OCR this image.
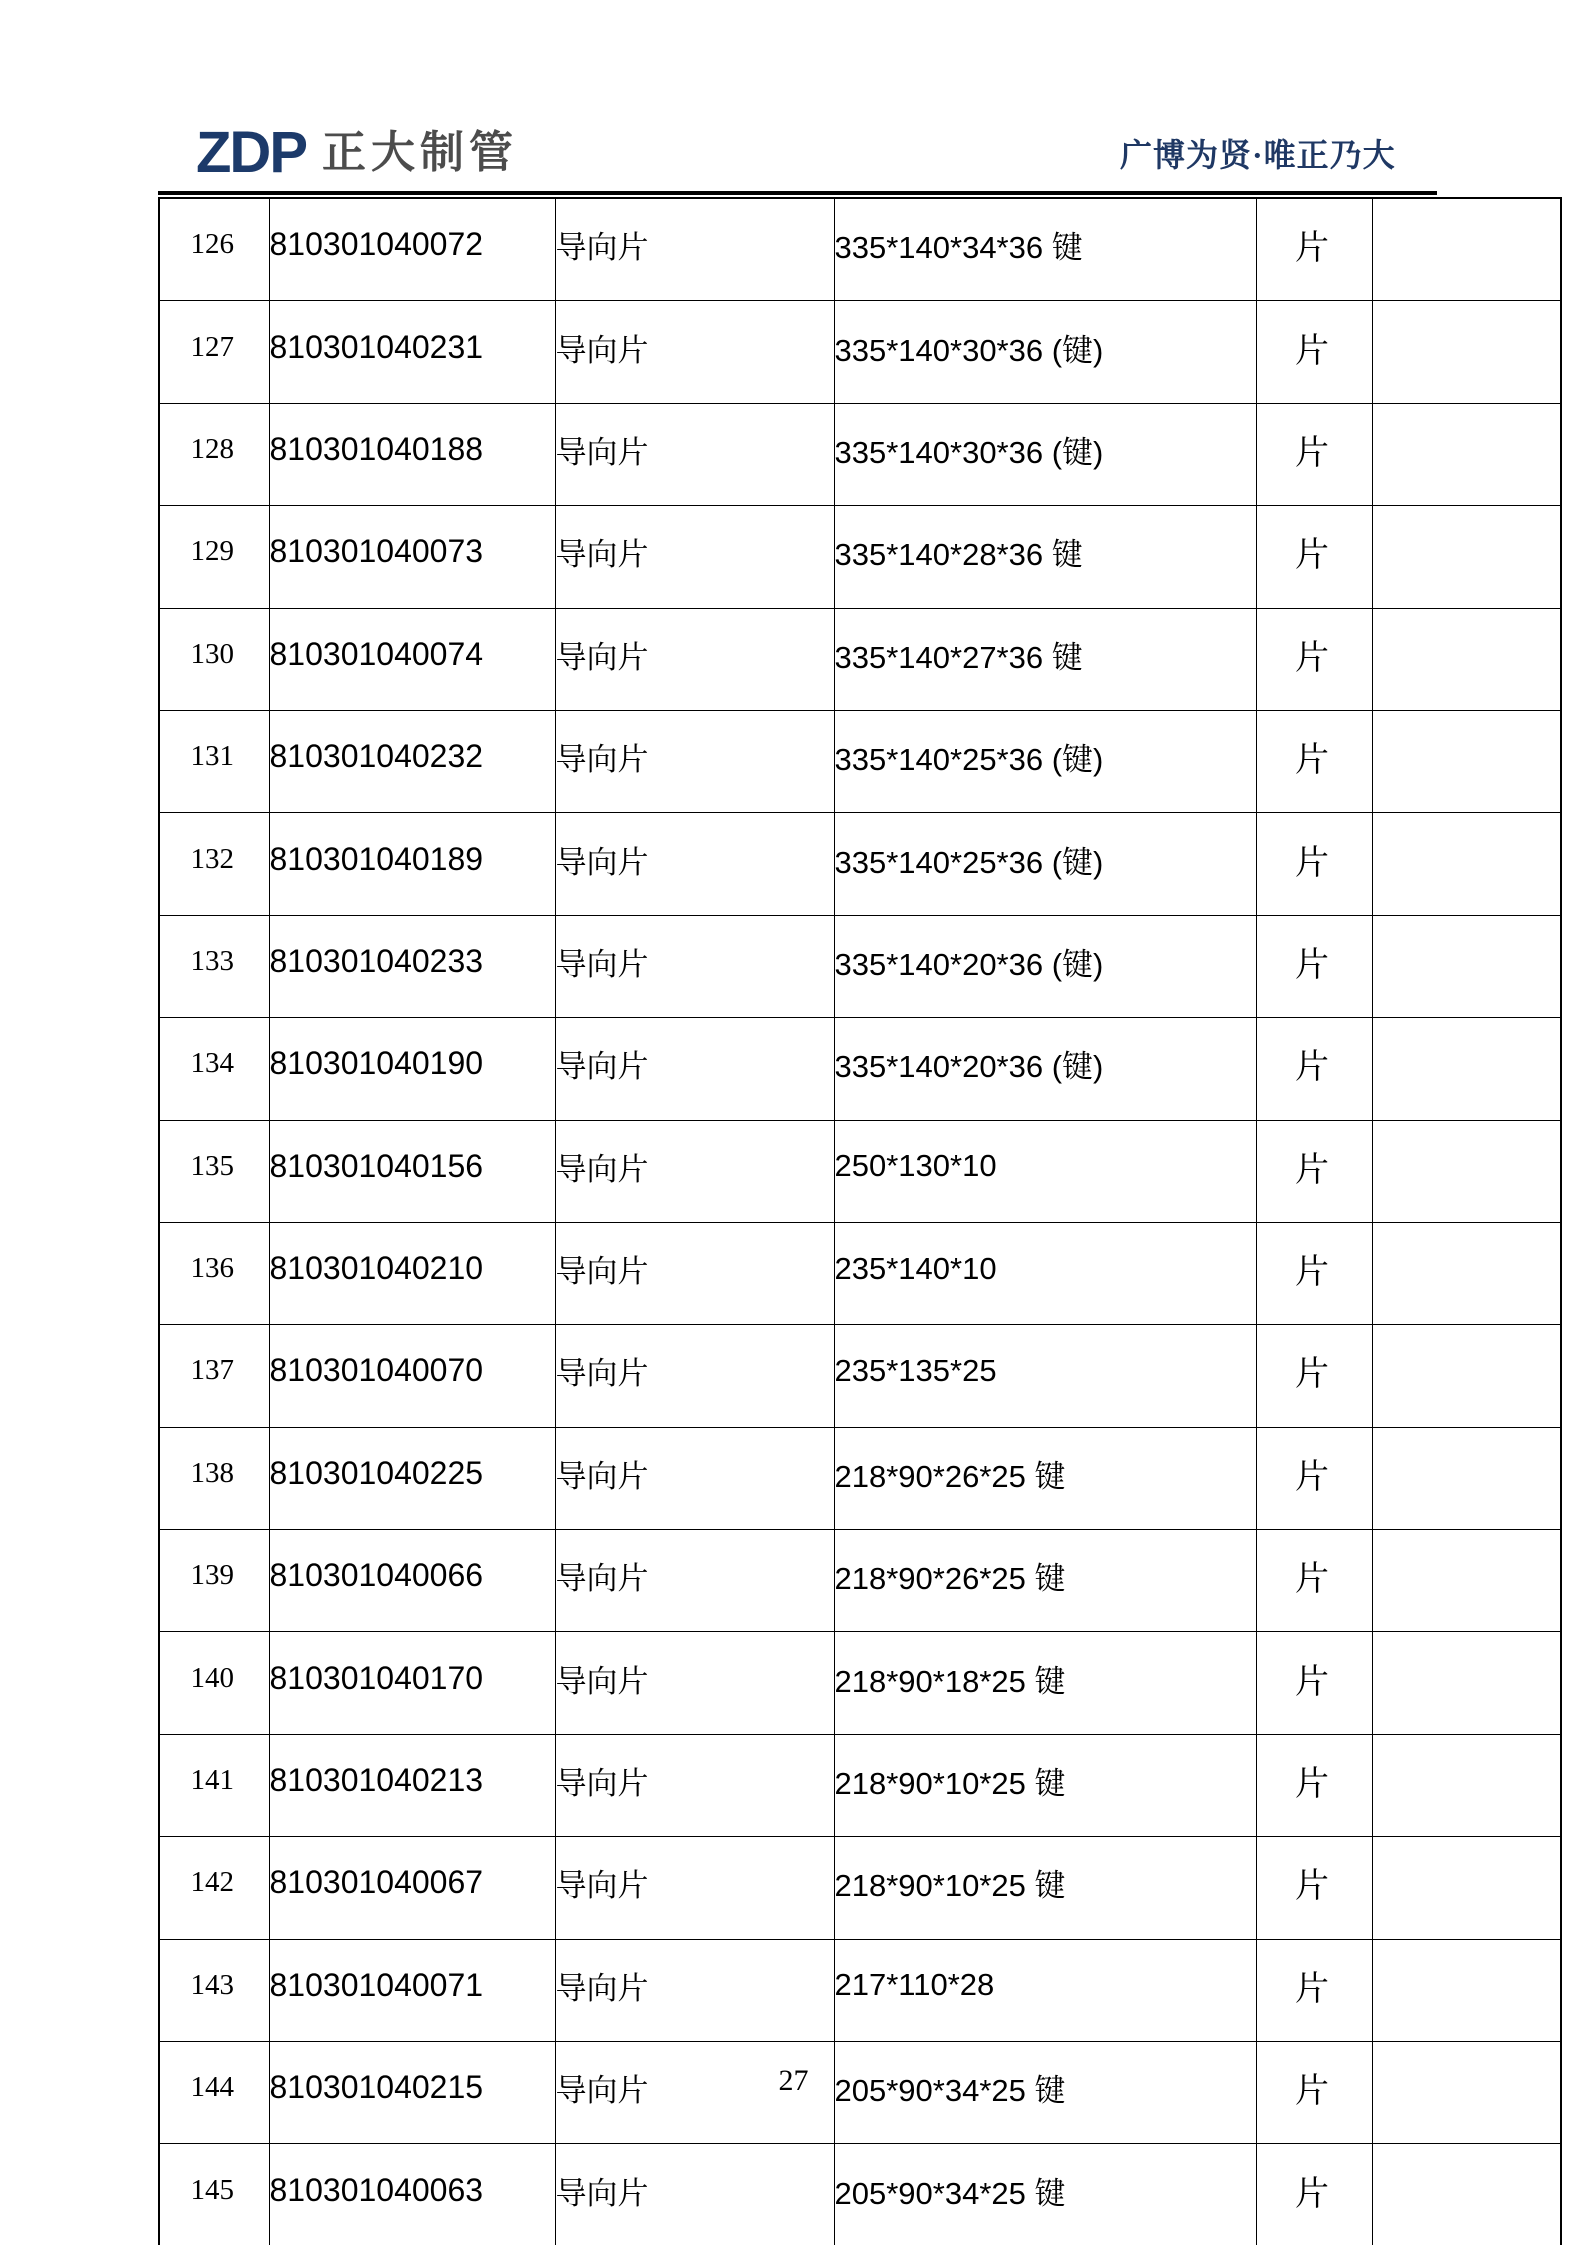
ZDP 正大制管	广博为贤·唯正乃大
126	810301040072	导向片	335*140*34*36 键	片	
127	810301040231	导向片	335*140*30*36 (键)	片	
128	810301040188	导向片	335*140*30*36 (键)	片	
129	810301040073	导向片	335*140*28*36 键	片	
130	810301040074	导向片	335*140*27*36 键	片	
131	810301040232	导向片	335*140*25*36 (键)	片	
132	810301040189	导向片	335*140*25*36 (键)	片	
133	810301040233	导向片	335*140*20*36 (键)	片	
134	810301040190	导向片	335*140*20*36 (键)	片	
135	810301040156	导向片	250*130*10	片	
136	810301040210	导向片	235*140*10	片	
137	810301040070	导向片	235*135*25	片	
138	810301040225	导向片	218*90*26*25 键	片	
139	810301040066	导向片	218*90*26*25 键	片	
140	810301040170	导向片	218*90*18*25 键	片	
141	810301040213	导向片	218*90*10*25 键	片	
142	810301040067	导向片	218*90*10*25 键	片	
143	810301040071	导向片	217*110*28	片	
144	810301040215	导向片	205*90*34*25 键	片	
145	810301040063	导向片	205*90*34*25 键	片	
27
